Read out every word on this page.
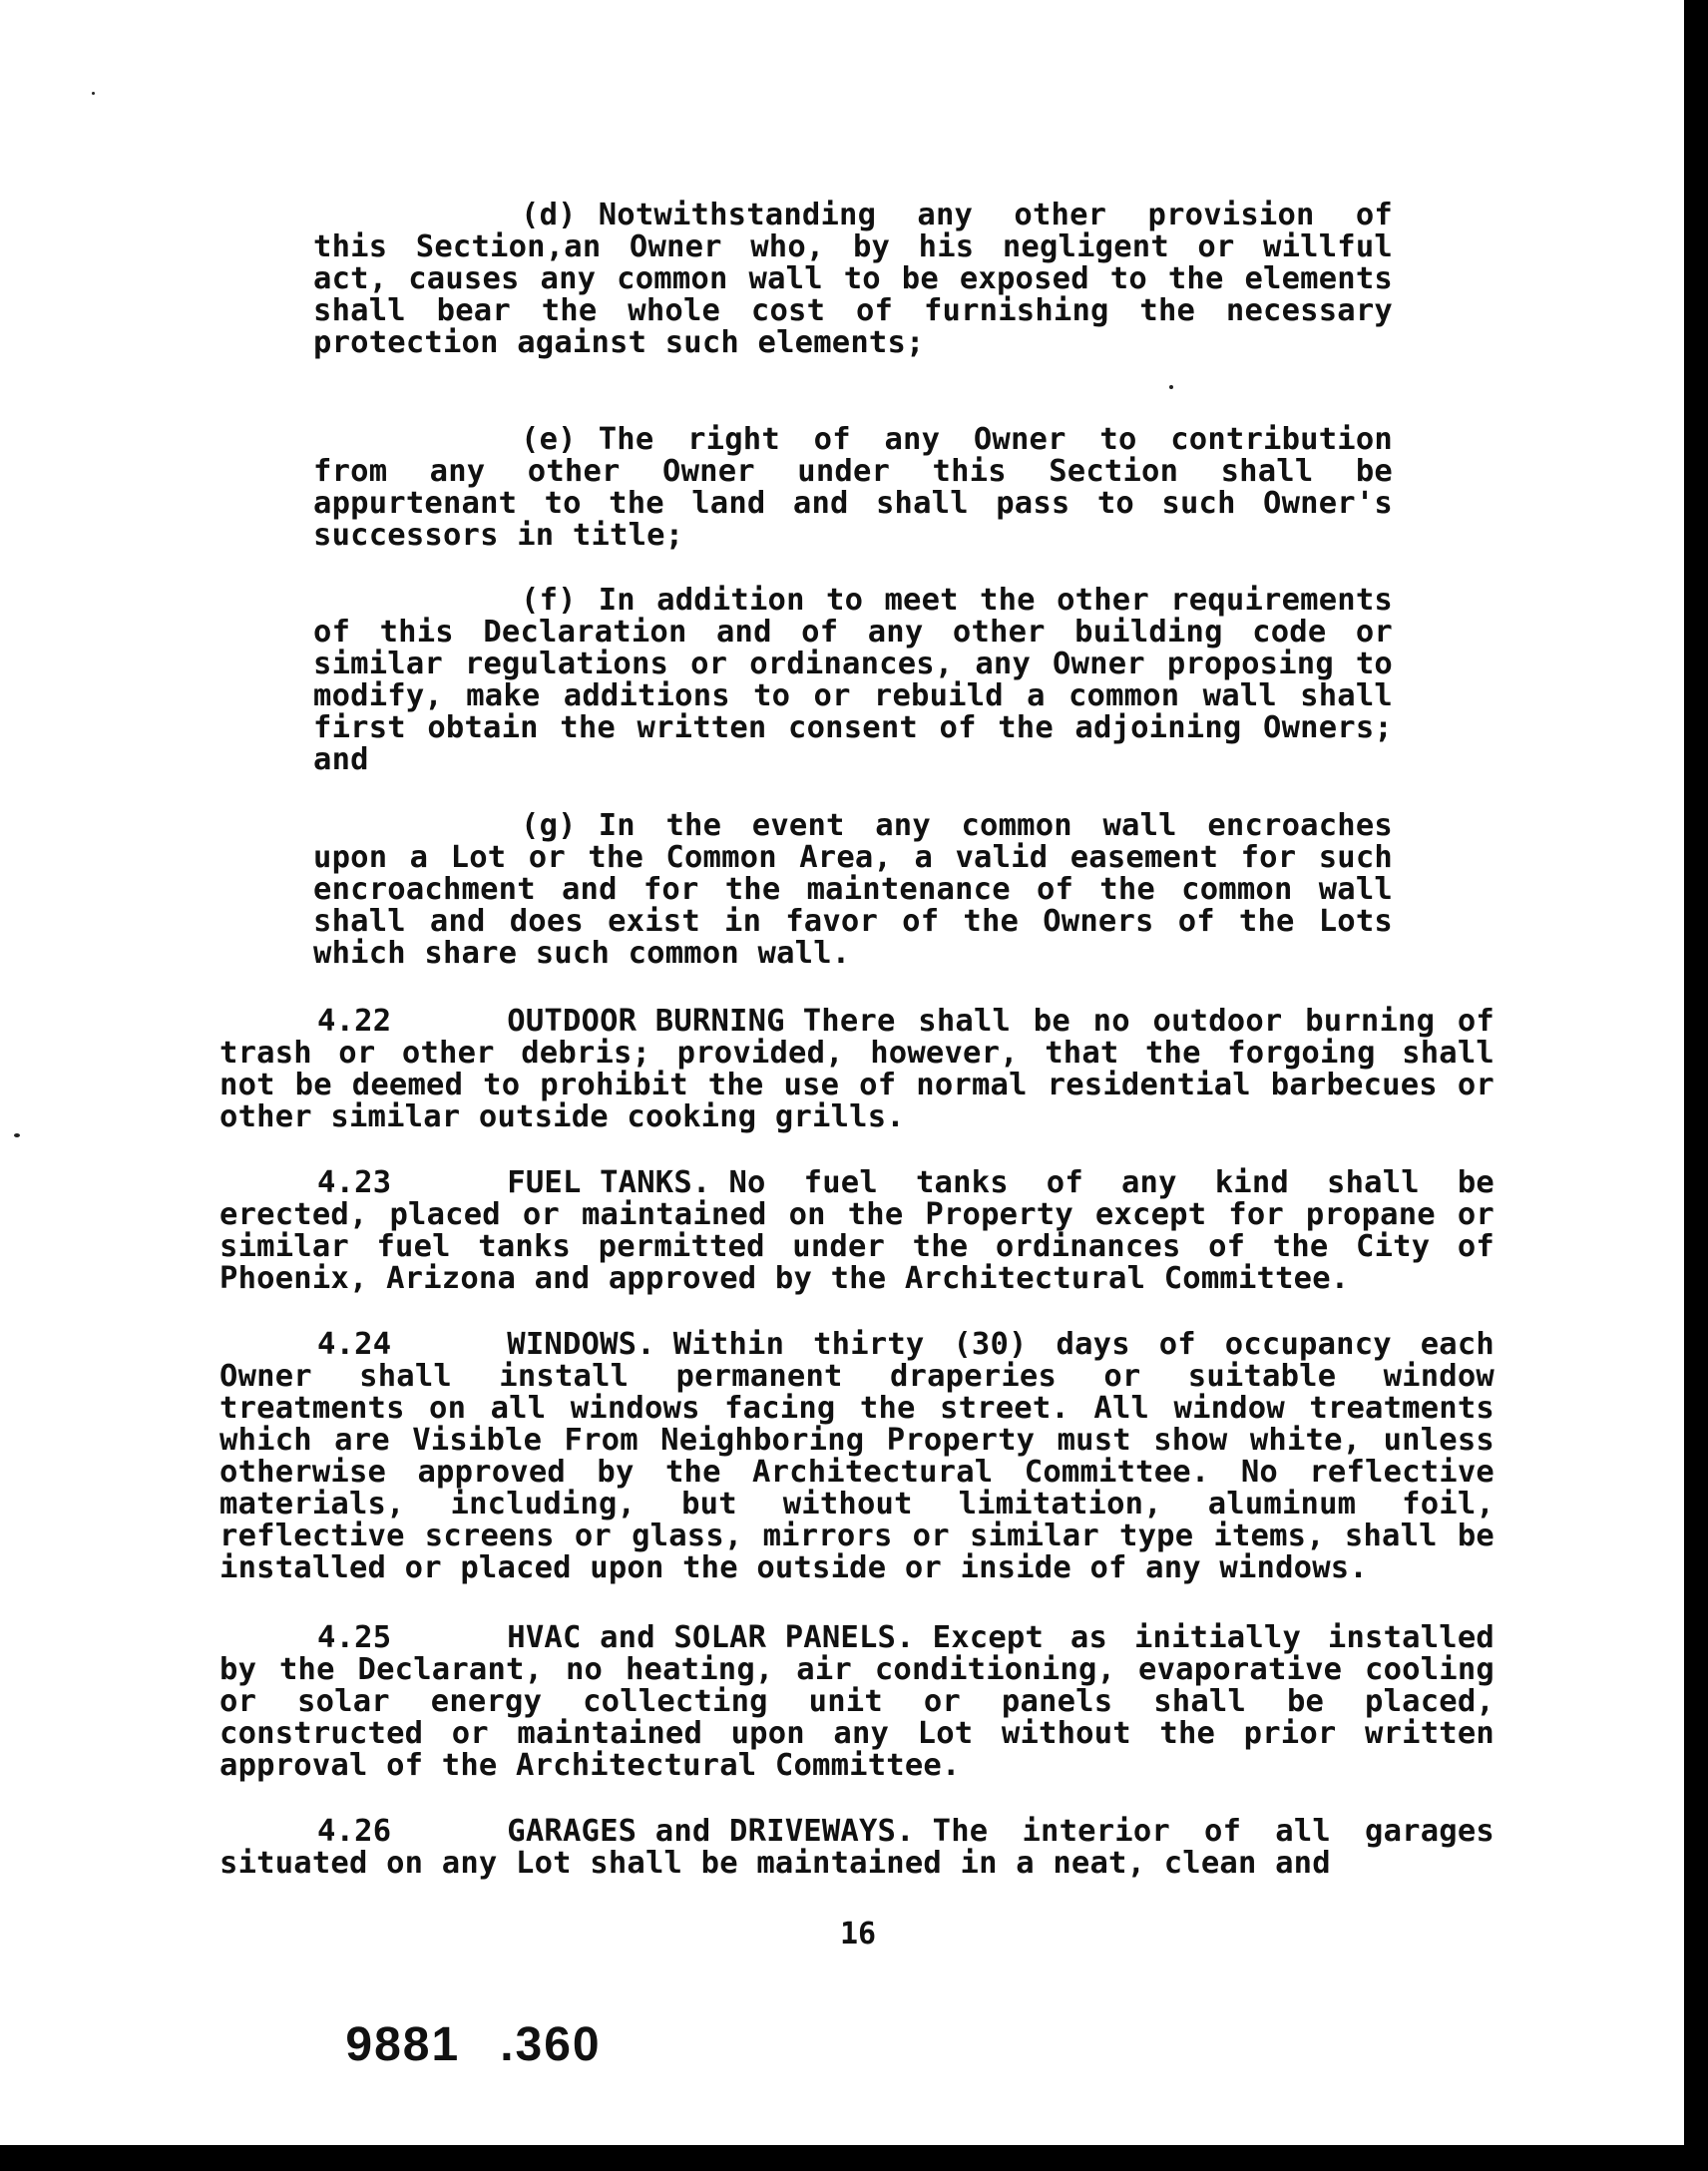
(d) Notwithstanding any other provision of this Section,an Owner who, by his negligent or willful act, causes any common wall to be exposed to the elements shall bear the whole cost of furnishing the necessary protection against such elements;

(e) The right of any Owner to contribution from any other Owner under this Section shall be appurtenant to the land and shall pass to such Owner's successors in title;

(f) In addition to meet the other requirements of this Declaration and of any other building code or similar regulations or ordinances, any Owner proposing to modify, make additions to or rebuild a common wall shall first obtain the written consent of the adjoining Owners; and

(g) In the event any common wall encroaches upon a Lot or the Common Area, a valid easement for such encroachment and for the maintenance of the common wall shall and does exist in favor of the Owners of the Lots which share such common wall.

4.22	OUTDOOR BURNING There shall be no outdoor burning of trash or other debris; provided, however, that the forgoing shall not be deemed to prohibit the use of normal residential barbecues or other similar outside cooking grills.

4.23	FUEL TANKS. No fuel tanks of any kind shall be erected, placed or maintained on the Property except for propane or similar fuel tanks permitted under the ordinances of the City of Phoenix, Arizona and approved by the Architectural Committee.

4.24	WINDOWS. Within thirty (30) days of occupancy each Owner shall install permanent draperies or suitable window treatments on all windows facing the street. All window treatments which are Visible From Neighboring Property must show white, unless otherwise approved by the Architectural Committee. No reflective materials, including, but without limitation, aluminum foil, reflective screens or glass, mirrors or similar type items, shall be installed or placed upon the outside or inside of any windows.

4.25	HVAC and SOLAR PANELS. Except as initially installed by the Declarant, no heating, air conditioning, evaporative cooling or solar energy collecting unit or panels shall be placed, constructed or maintained upon any Lot without the prior written approval of the Architectural Committee.

4.26	GARAGES and DRIVEWAYS. The interior of all garages situated on any Lot shall be maintained in a neat, clean and

16
9881 .360
